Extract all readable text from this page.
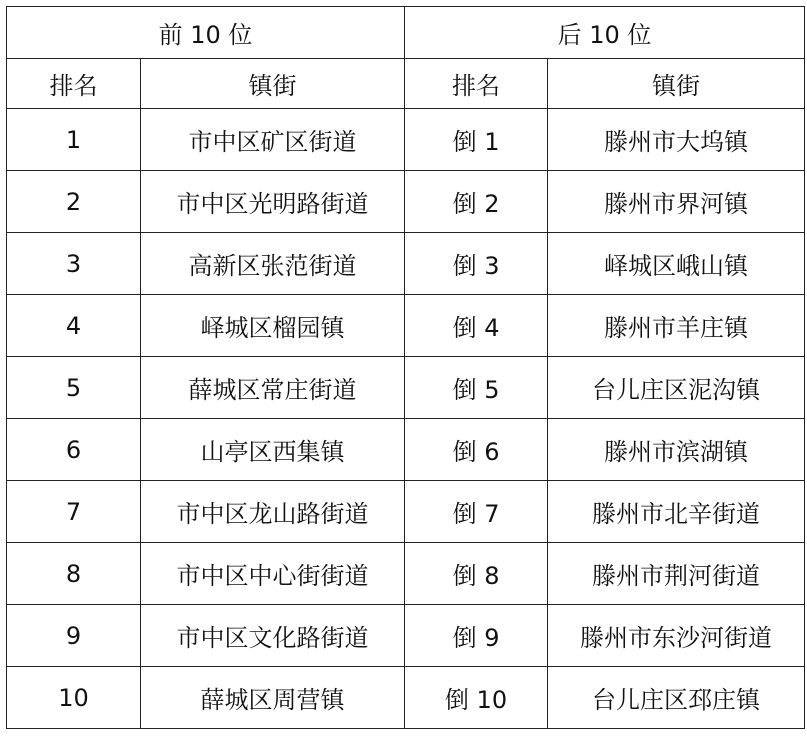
前 10 位		后 10 位	
排名	镇街	排名	镇街
1	市中区矿区街道	倒 1	滕州市大坞镇
2	市中区光明路街道	倒 2	滕州市界河镇
3	高新区张范街道	倒 3	峄城区峨山镇
4	峄城区榴园镇	倒 4	滕州市羊庄镇
5	薛城区常庄街道	倒 5	台儿庄区泥沟镇
6	山亭区西集镇	倒 6	滕州市滨湖镇
7	市中区龙山路街道	倒 7	滕州市北辛街道
8	市中区中心街街道	倒 8	滕州市荆河街道
9	市中区文化路街道	倒 9	滕州市东沙河街道
10	薛城区周营镇	倒 10	台儿庄区邳庄镇
